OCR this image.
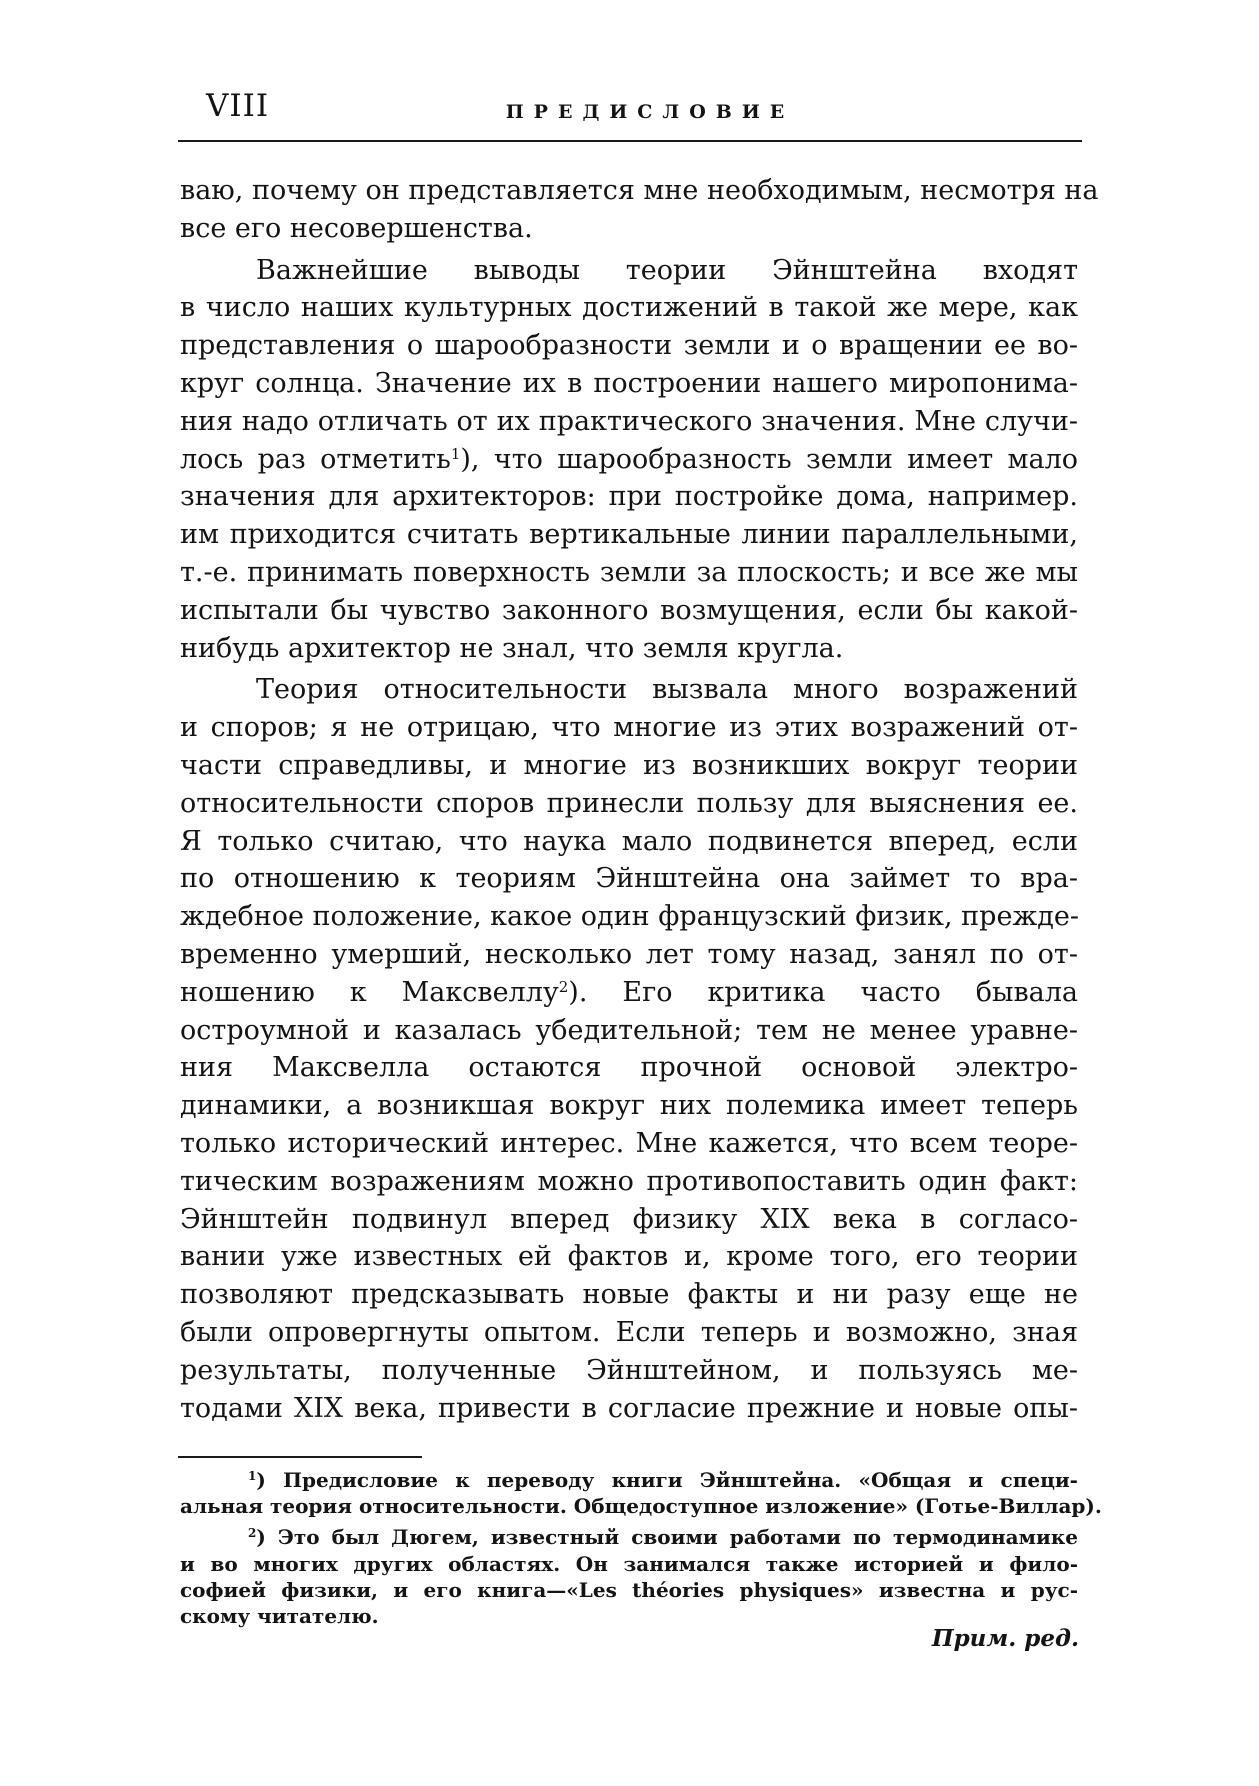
VIII	ПРЕДИСЛОВИЕ
ваю, почему он представляется мне необходимым, несмотря на
все его несовершенства.
Важнейшие выводы теории Эйнштейна входят
в число наших культурных достижений в такой же мере, как
представления о шарообразности земли и о вращении ее во-
круг солнца. Значение их в построении нашего миропонима-
ния надо отличать от их практического значения. Мне случи-
лось раз отметить$^1$), что шарообразность земли имеет мало
значения для архитекторов: при постройке дома, например.
им приходится считать вертикальные линии параллельными,
т.-е. принимать поверхность земли за плоскость; и все же мы
испытали бы чувство законного возмущения, если бы какой-
нибудь архитектор не знал, что земля кругла.
Теория относительности вызвала много возражений
и споров; я не отрицаю, что многие из этих возражений от-
части справедливы, и многие из возникших вокруг теории
относительности споров принесли пользу для выяснения ее.
Я только считаю, что наука мало подвинется вперед, если
по отношению к теориям Эйнштейна она займет то вра-
ждебное положение, какое один французский физик, прежде-
временно умерший, несколько лет тому назад, занял по от-
ношению к Максвеллу$^2$). Его критика часто бывала
остроумной и казалась убедительной; тем не менее уравне-
ния Максвелла остаются прочной основой электро-
динамики, а возникшая вокруг них полемика имеет теперь
только исторический интерес. Мне кажется, что всем теоре-
тическим возражениям можно противопоставить один факт:
Эйнштейн подвинул вперед физику XIX века в согласо-
вании уже известных ей фактов и, кроме того, его теории
позволяют предсказывать новые факты и ни разу еще не
были опровергнуты опытом. Если теперь и возможно, зная
результаты, полученные Эйнштейном, и пользуясь ме-
тодами XIX века, привести в согласие прежние и новые опы-
$^1$) Предисловие к переводу книги Эйнштейна. «Общая и специ-
альная теория относительности. Общедоступное изложение» (Готье-Виллар).
$^2$) Это был Дюгем, известный своими работами по термодинамике
и во многих других областях. Он занимался также историей и фило-
софией физики, и его книга—«Les théories physiques» известна и рус-
скому читателю.
Прим. ред.
